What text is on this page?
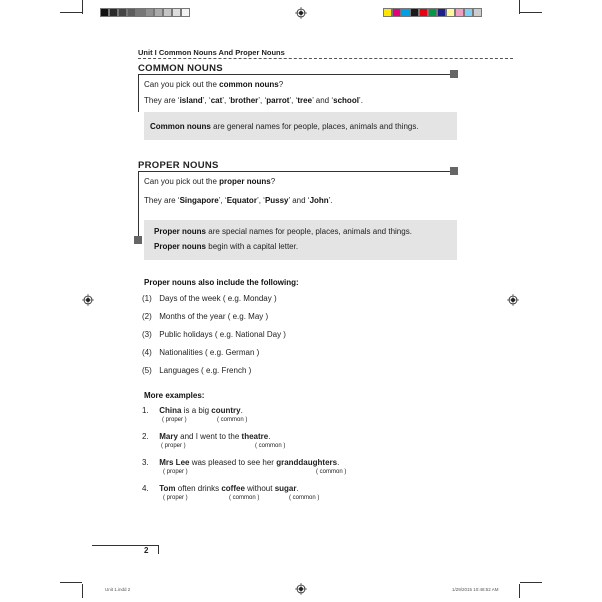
Unit I Common Nouns And Proper Nouns
COMMON NOUNS
Can you pick out the common nouns?
They are ‘island’, ‘cat’, ‘brother’, ‘parrot’, ‘tree’ and ‘school’.
Common nouns are general names for people, places, animals and things.
PROPER NOUNS
Can you pick out the proper nouns?
They are ‘Singapore’, ‘Equator’, ‘Pussy’ and ‘John’.
Proper nouns are special names for people, places, animals and things.
Proper nouns begin with a capital letter.
Proper nouns also include the following:
(1) Days of the week ( e.g. Monday )
(2) Months of the year ( e.g. May )
(3) Public holidays ( e.g. National Day )
(4) Nationalities ( e.g. German )
(5) Languages ( e.g. French )
More examples:
1. China is a big country.
( proper )	( common )
2. Mary and I went to the theatre.
( proper )	( common )
3. Mrs Lee was pleased to see her granddaughters.
( proper )	( common )
4. Tom often drinks coffee without sugar.
( proper )	( common )	( common )
2
Unit 1.indd 2	1/29/2015 10:48:52 AM
